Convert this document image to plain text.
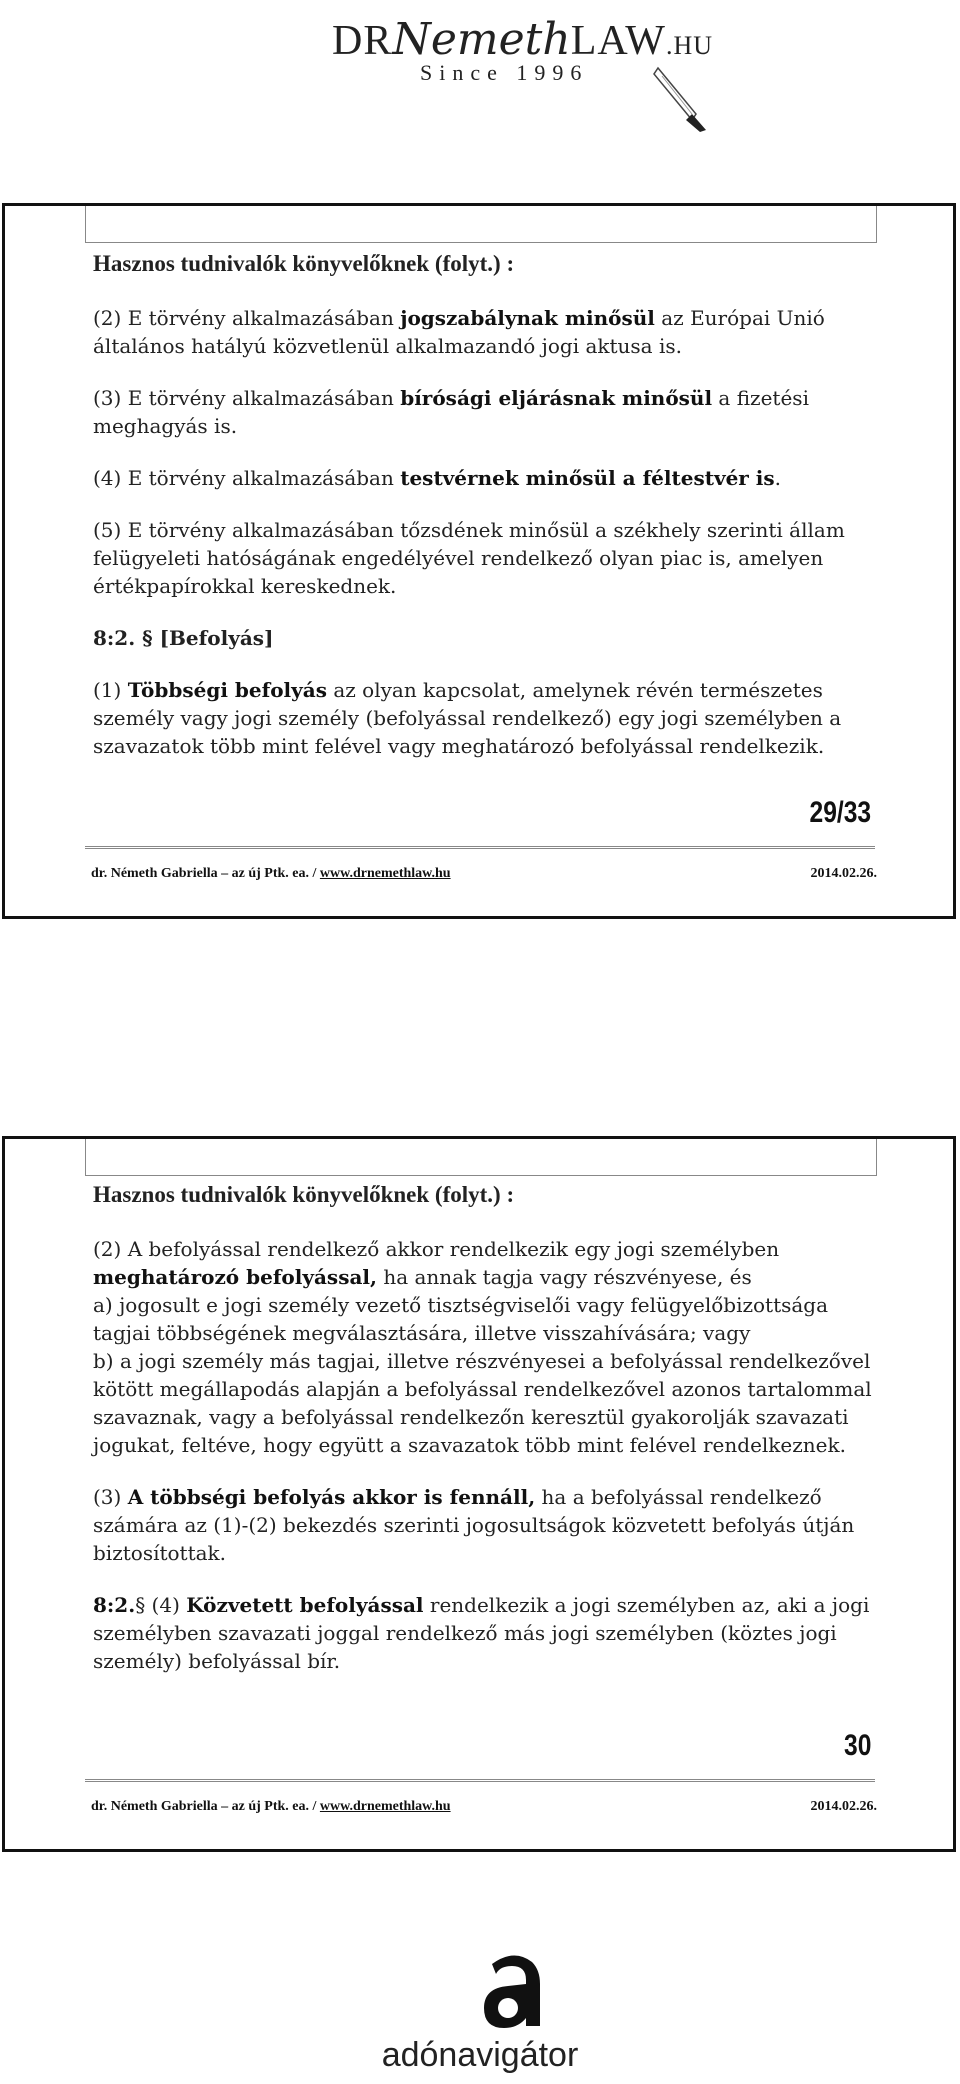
DRNemethLAW.HU
Since 1996

Hasznos tudnivalók könyvelőknek (folyt.) :

(2) E törvény alkalmazásában jogszabálynak minősül az Európai Unió általános hatályú közvetlenül alkalmazandó jogi aktusa is.

(3) E törvény alkalmazásában bírósági eljárásnak minősül a fizetési meghagyás is.

(4) E törvény alkalmazásában testvérnek minősül a féltestvér is.

(5) E törvény alkalmazásában tőzsdének minősül a székhely szerinti állam felügyeleti hatóságának engedélyével rendelkező olyan piac is, amelyen értékpapírokkal kereskednek.

8:2. § [Befolyás]

(1) Többségi befolyás az olyan kapcsolat, amelynek révén természetes személy vagy jogi személy (befolyással rendelkező) egy jogi személyben a szavazatok több mint felével vagy meghatározó befolyással rendelkezik.

29/33
dr. Németh Gabriella – az új Ptk. ea. / www.drnemethlaw.hu	2014.02.26.

Hasznos tudnivalók könyvelőknek (folyt.) :

(2) A befolyással rendelkező akkor rendelkezik egy jogi személyben meghatározó befolyással, ha annak tagja vagy részvényese, és
a) jogosult e jogi személy vezető tisztségviselői vagy felügyelőbizottsága tagjai többségének megválasztására, illetve visszahívására; vagy
b) a jogi személy más tagjai, illetve részvényesei a befolyással rendelkezővel kötött megállapodás alapján a befolyással rendelkezővel azonos tartalommal szavaznak, vagy a befolyással rendelkezőn keresztül gyakorolják szavazati jogukat, feltéve, hogy együtt a szavazatok több mint felével rendelkeznek.

(3) A többségi befolyás akkor is fennáll, ha a befolyással rendelkező számára az (1)-(2) bekezdés szerinti jogosultságok közvetett befolyás útján biztosítottak.

8:2.§ (4) Közvetett befolyással rendelkezik a jogi személyben az, aki a jogi személyben szavazati joggal rendelkező más jogi személyben (köztes jogi személy) befolyással bír.

30
dr. Németh Gabriella – az új Ptk. ea. / www.drnemethlaw.hu	2014.02.26.
adónavigátor
